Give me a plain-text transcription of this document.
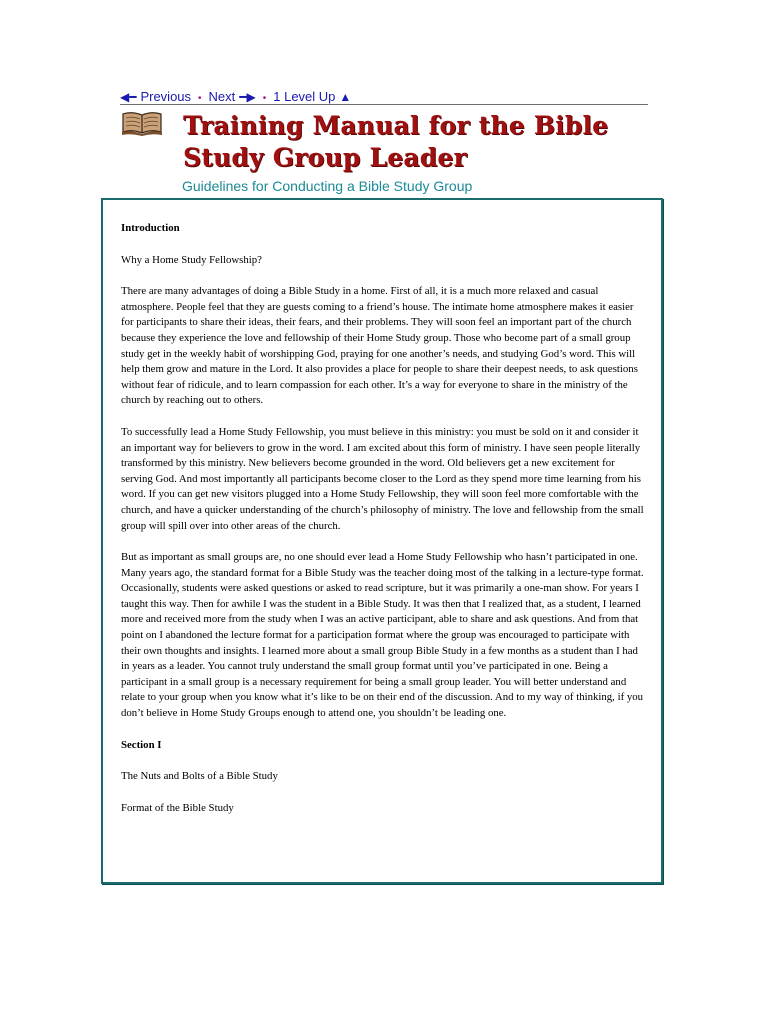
◀━ Previous • Next ━▶ • 1 Level Up ▲
Training Manual for the Bible
Study Group Leader
Guidelines for Conducting a Bible Study Group

Introduction

Why a Home Study Fellowship?

There are many advantages of doing a Bible Study in a home. First of all, it is a much more relaxed and casual atmosphere. People feel that they are guests coming to a friend’s house. The intimate home atmosphere makes it easier for participants to share their ideas, their fears, and their problems. They will soon feel an important part of the church because they experience the love and fellowship of their Home Study group. Those who become part of a small group study get in the weekly habit of worshipping God, praying for one another’s needs, and studying God’s word. This will help them grow and mature in the Lord. It also provides a place for people to share their deepest needs, to ask questions without fear of ridicule, and to learn compassion for each other. It’s a way for everyone to share in the ministry of the church by reaching out to others.

To successfully lead a Home Study Fellowship, you must believe in this ministry: you must be sold on it and consider it an important way for believers to grow in the word. I am excited about this form of ministry. I have seen people literally transformed by this ministry. New believers become grounded in the word. Old believers get a new excitement for serving God. And most importantly all participants become closer to the Lord as they spend more time learning from his word. If you can get new visitors plugged into a Home Study Fellowship, they will soon feel more comfortable with the church, and have a quicker understanding of the church’s philosophy of ministry. The love and fellowship from the small group will spill over into other areas of the church.

But as important as small groups are, no one should ever lead a Home Study Fellowship who hasn’t participated in one. Many years ago, the standard format for a Bible Study was the teacher doing most of the talking in a lecture-type format. Occasionally, students were asked questions or asked to read scripture, but it was primarily a one-man show. For years I taught this way. Then for awhile I was the student in a Bible Study. It was then that I realized that, as a student, I learned more and received more from the study when I was an active participant, able to share and ask questions. And from that point on I abandoned the lecture format for a participation format where the group was encouraged to participate with their own thoughts and insights. I learned more about a small group Bible Study in a few months as a student than I had in years as a leader. You cannot truly understand the small group format until you’ve participated in one. Being a participant in a small group is a necessary requirement for being a small group leader. You will better understand and relate to your group when you know what it’s like to be on their end of the discussion. And to my way of thinking, if you don’t believe in Home Study Groups enough to attend one, you shouldn’t be leading one.

Section I

The Nuts and Bolts of a Bible Study

Format of the Bible Study
